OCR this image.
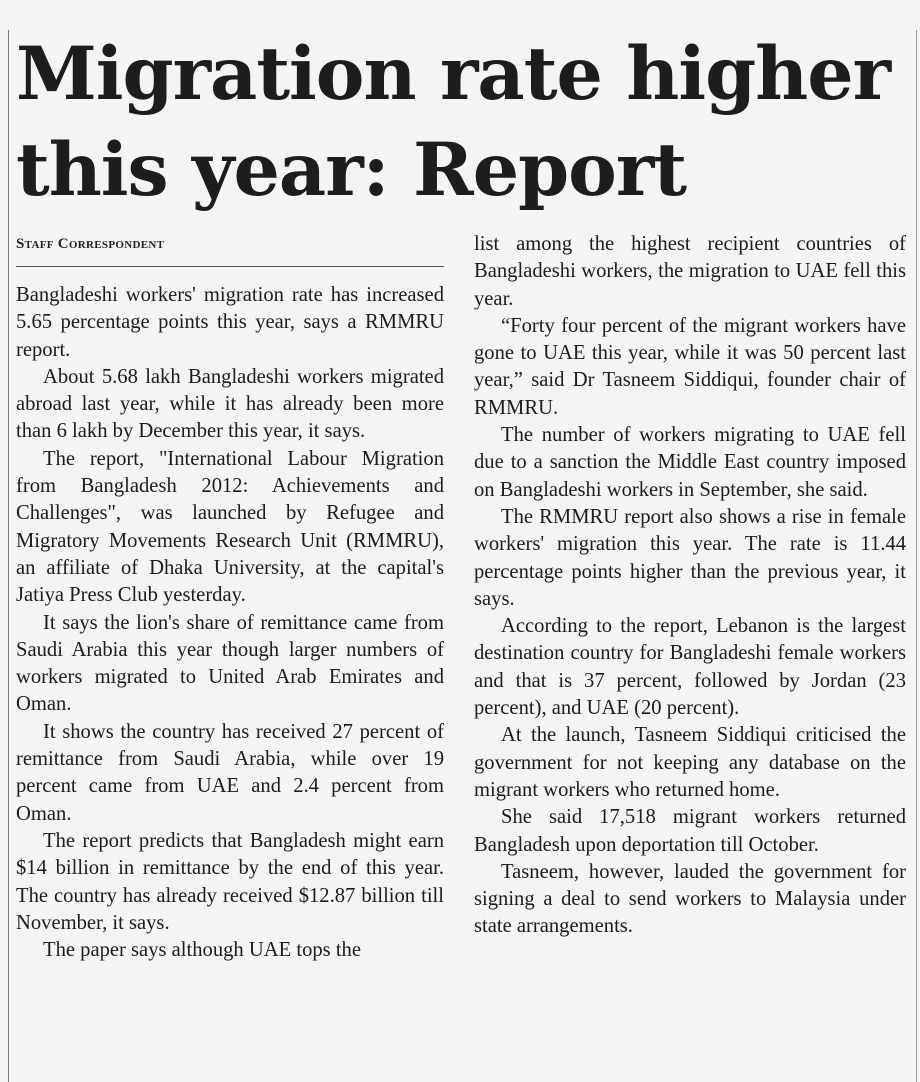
Migration rate higher
this year: Report
Staff Correspondent

Bangladeshi workers' migration rate has increased 5.65 percentage points this year, says a RMMRU report.

About 5.68 lakh Bangladeshi workers migrated abroad last year, while it has already been more than 6 lakh by December this year, it says.

The report, "International Labour Migration from Bangladesh 2012: Achievements and Challenges", was launched by Refugee and Migratory Movements Research Unit (RMMRU), an affiliate of Dhaka University, at the capital's Jatiya Press Club yesterday.

It says the lion's share of remittance came from Saudi Arabia this year though larger numbers of workers migrated to United Arab Emirates and Oman.

It shows the country has received 27 percent of remittance from Saudi Arabia, while over 19 percent came from UAE and 2.4 percent from Oman.

The report predicts that Bangladesh might earn $14 billion in remittance by the end of this year. The country has already received $12.87 billion till November, it says.

The paper says although UAE tops the

list among the highest recipient countries of Bangladeshi workers, the migration to UAE fell this year.

“Forty four percent of the migrant workers have gone to UAE this year, while it was 50 percent last year,” said Dr Tasneem Siddiqui, founder chair of RMMRU.

The number of workers migrating to UAE fell due to a sanction the Middle East country imposed on Bangladeshi workers in September, she said.

The RMMRU report also shows a rise in female workers' migration this year. The rate is 11.44 percentage points higher than the previous year, it says.

According to the report, Lebanon is the largest destination country for Bangladeshi female workers and that is 37 percent, followed by Jordan (23 percent), and UAE (20 percent).

At the launch, Tasneem Siddiqui criticised the government for not keeping any database on the migrant workers who returned home.

She said 17,518 migrant workers returned Bangladesh upon deportation till October.

Tasneem, however, lauded the government for signing a deal to send workers to Malaysia under state arrangements.
